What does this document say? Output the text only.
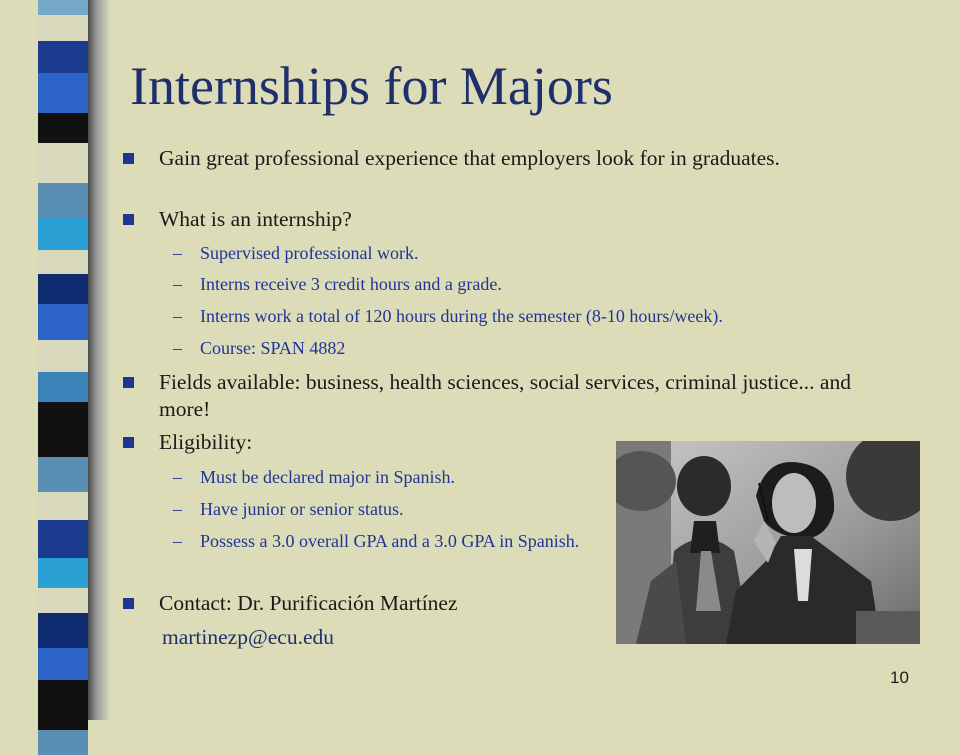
Internships for Majors
Gain great professional experience that employers look for in graduates.
What is an internship?
–	Supervised professional work.
–	Interns receive 3 credit hours and a grade.
–	Interns work a total of 120 hours during the semester (8-10 hours/week).
–	Course: SPAN 4882
Fields available: business, health sciences, social services, criminal justice... and more!
Eligibility:
–	Must be declared major in Spanish.
–	Have junior or senior status.
–	Possess a 3.0 overall GPA and a 3.0 GPA in Spanish.
Contact: Dr. Purificación Martínez
martinezp@ecu.edu
10
